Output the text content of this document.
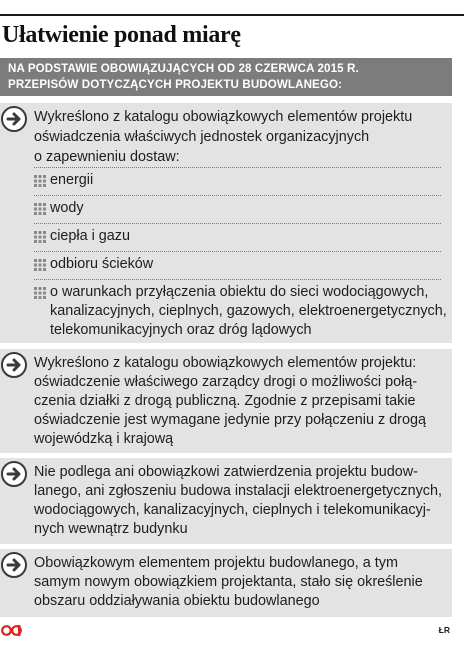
Ułatwienie ponad miarę
NA PODSTAWIE OBOWIĄZUJĄCYCH OD 28 CZERWCA 2015 R.
PRZEPISÓW DOTYCZĄCYCH PROJEKTU BUDOWLANEGO:
Wykreślono z katalogu obowiązkowych elementów projektu
oświadczenia właściwych jednostek organizacyjnych
o zapewnieniu dostaw:
energii
wody
ciepła i gazu
odbioru ścieków
o warunkach przyłączenia obiektu do sieci wodociągowych,
kanalizacyjnych, cieplnych, gazowych, elektroenergetycznych,
telekomunikacyjnych oraz dróg lądowych
Wykreślono z katalogu obowiązkowych elementów projektu:
oświadczenie właściwego zarządcy drogi o możliwości połą-
czenia działki z drogą publiczną. Zgodnie z przepisami takie
oświadczenie jest wymagane jedynie przy połączeniu z drogą
wojewódzką i krajową
Nie podlega ani obowiązkowi zatwierdzenia projektu budow-
lanego, ani zgłoszeniu budowa instalacji elektroenergetycznych,
wodociągowych, kanalizacyjnych, cieplnych i telekomunikacyj-
nych wewnątrz budynku
Obowiązkowym elementem projektu budowlanego, a tym
samym nowym obowiązkiem projektanta, stało się określenie
obszaru oddziaływania obiektu budowlanego
ŁR
